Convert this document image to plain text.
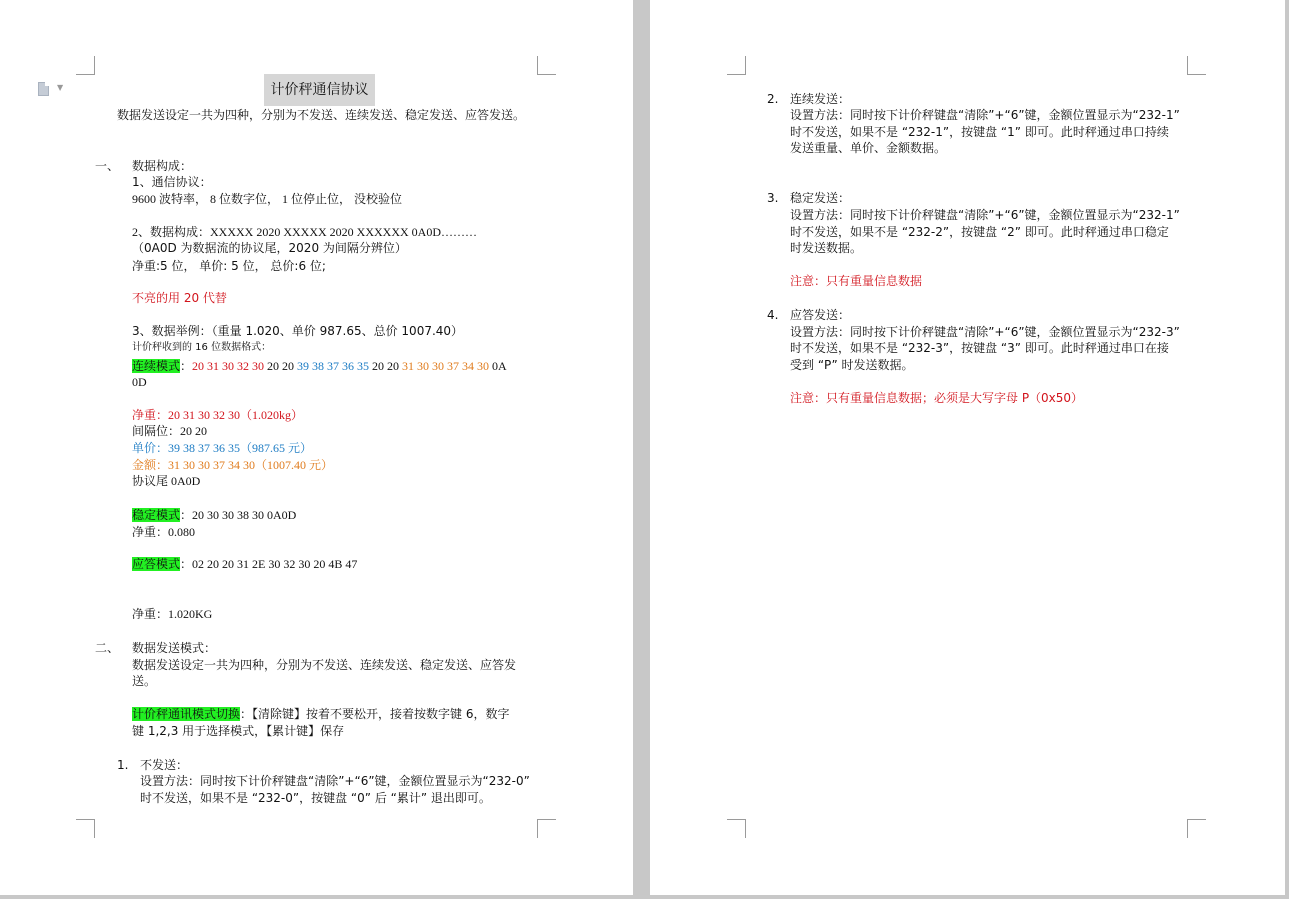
▼	计价秤通信协议
数据发送设定一共为四种，分别为不发送、连续发送、稳定发送、应答发送。
一、 数据构成：
1、通信协议：
9600 波特率， 8 位数字位， 1 位停止位， 没校验位
2、数据构成：XXXXX 2020 XXXXX 2020 XXXXXX 0A0D………
（0A0D 为数据流的协议尾，2020 为间隔分辨位）
净重:5 位， 单价: 5 位， 总价:6 位;
不亮的用 20 代替
3、数据举例：（重量 1.020、单价 987.65、总价 1007.40）
计价秤收到的 16 位数据格式：
连续模式：20 31 30 32 30 20 20 39 38 37 36 35 20 20 31 30 30 37 34 30 0A
0D
净重：20 31 30 32 30（1.020kg）
间隔位：20 20
单价：39 38 37 36 35（987.65 元）
金额：31 30 30 37 34 30（1007.40 元）
协议尾 0A0D
稳定模式：20 30 30 38 30 0A0D
净重：0.080
应答模式：02 20 20 31 2E 30 32 30 20 4B 47
净重：1.020KG
二、 数据发送模式：
数据发送设定一共为四种，分别为不发送、连续发送、稳定发送、应答发
送。
计价秤通讯模式切换：【清除键】按着不要松开，接着按数字键 6，数字
键 1,2,3 用于选择模式，【累计键】保存
1. 不发送：
设置方法：同时按下计价秤键盘“清除”+“6”键，金额位置显示为“232-0”
时不发送，如果不是 “232-0”，按键盘 “0” 后 “累计” 退出即可。
2. 连续发送：
设置方法：同时按下计价秤键盘“清除”+“6”键，金额位置显示为“232-1”
时不发送，如果不是 “232-1”，按键盘 “1” 即可。此时秤通过串口持续
发送重量、单价、金额数据。
3. 稳定发送：
设置方法：同时按下计价秤键盘“清除”+“6”键，金额位置显示为“232-1”
时不发送，如果不是 “232-2”，按键盘 “2” 即可。此时秤通过串口稳定
时发送数据。
注意：只有重量信息数据
4. 应答发送：
设置方法：同时按下计价秤键盘“清除”+“6”键，金额位置显示为“232-3”
时不发送，如果不是 “232-3”，按键盘 “3” 即可。此时秤通过串口在接
受到 “P” 时发送数据。
注意：只有重量信息数据；必须是大写字母 P（0x50）
